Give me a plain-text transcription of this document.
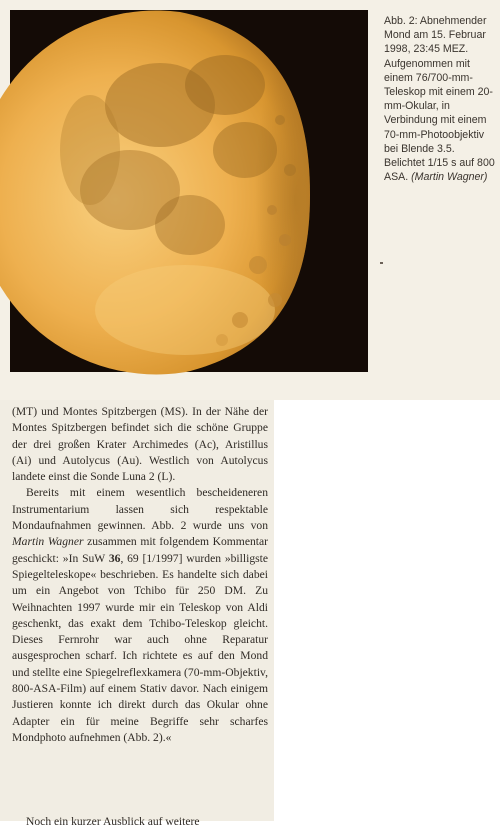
Abb. 2: Abnehmender Mond am 15. Februar 1998, 23:45 MEZ. Aufgenommen mit einem 76/700-mm-Teleskop mit einem 20-mm-Okular, in Verbindung mit einem 70-mm-Photoobjektiv bei Blende 3.5. Belichtet 1/15 s auf 800 ASA. (Martin Wagner)

(MT) und Montes Spitzbergen (MS). In der Nähe der Montes Spitzbergen befindet sich die schöne Gruppe der drei großen Krater Archimedes (Ac), Aristillus (Ai) und Autolycus (Au). Westlich von Autolycus landete einst die Sonde Luna 2 (L).

Bereits mit einem wesentlich bescheideneren Instrumentarium lassen sich respektable Mondaufnahmen gewinnen. Abb. 2 wurde uns von Martin Wagner zusammen mit folgendem Kommentar geschickt: »In SuW 36, 69 [1/1997] wurden »billigste Spiegelteleskope« beschrieben. Es handelte sich dabei um ein Angebot von Tchibo für 250 DM. Zu Weihnachten 1997 wurde mir ein Teleskop von Aldi geschenkt, das exakt dem Tchibo-Teleskop gleicht. Dieses Fernrohr war auch ohne Reparatur ausgesprochen scharf. Ich richtete es auf den Mond und stellte eine Spiegelreflexkamera (70-mm-Objektiv, 800-ASA-Film) auf einem Stativ davor. Nach einigem Justieren konnte ich direkt durch das Okular ohne Adapter ein für meine Begriffe sehr scharfes Mondphoto aufnehmen (Abb. 2).«

Noch ein kurzer Ausblick auf weitere
